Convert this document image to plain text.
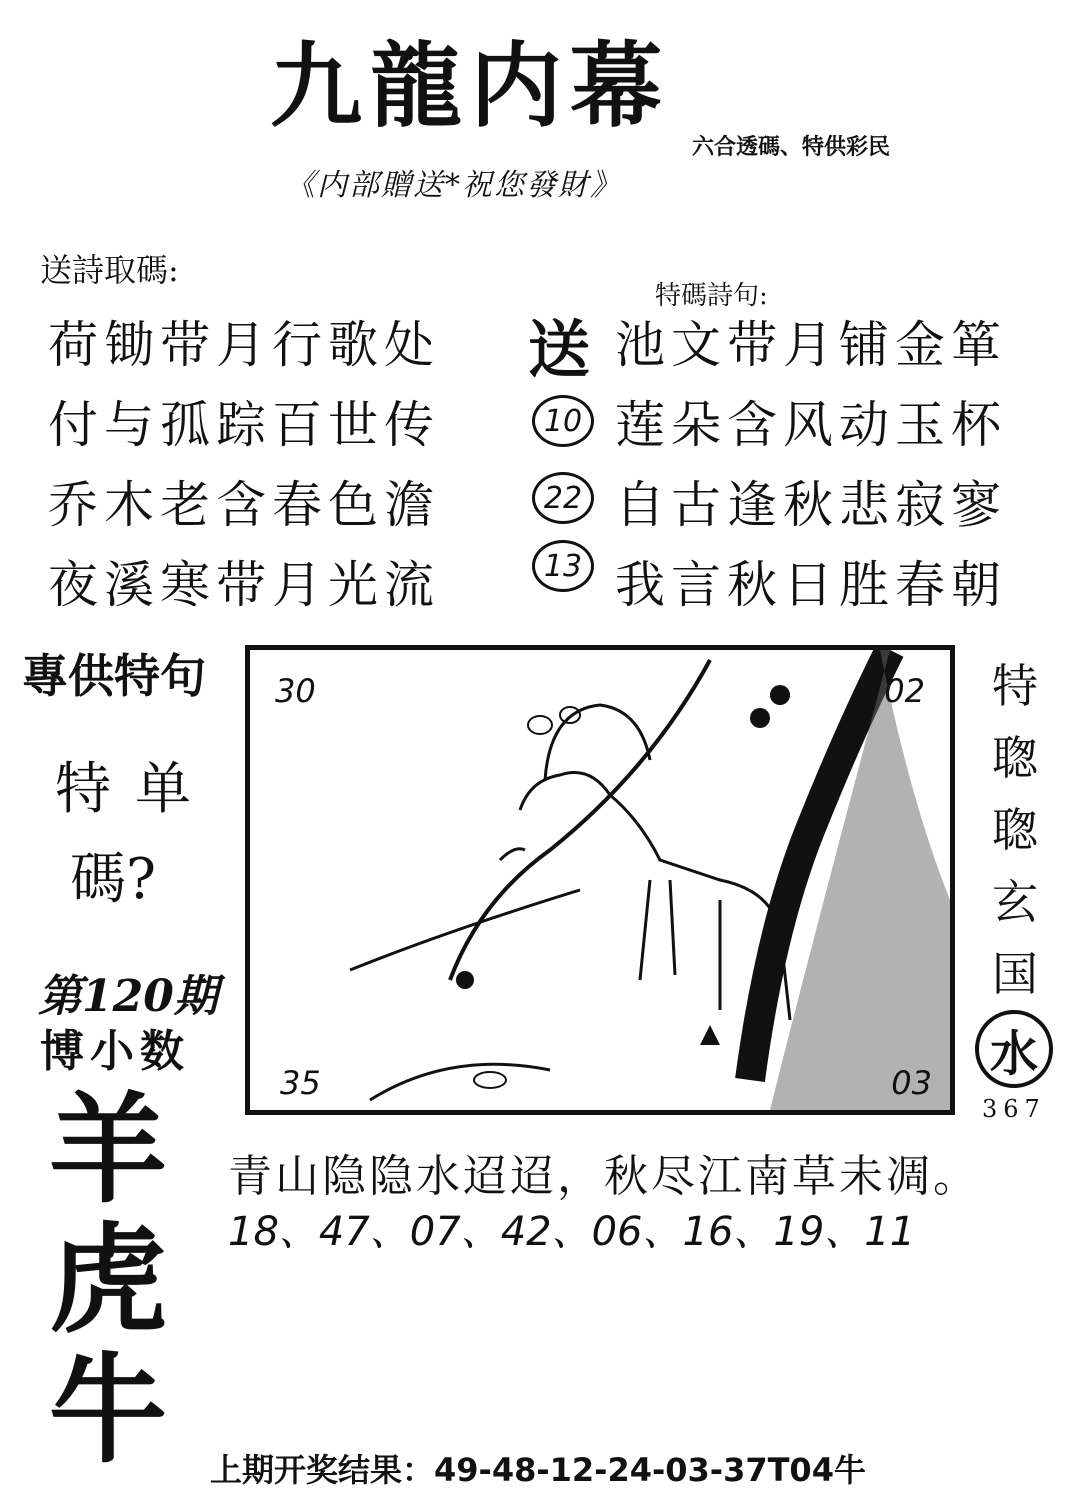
九龍内幕
六合透碼、特供彩民
《内部贈送*祝您發財》
送詩取碼:
荷锄带月行歌处
付与孤踪百世传
乔木老含春色澹
夜溪寒带月光流
特碼詩句:
送
10
22
13
池文带月铺金箪
莲朵含风动玉杯
自古逢秋悲寂寥
我言秋日胜春朝
專供特句
特单
碼?
第120期
博小数
羊
虎
牛
30	02
35	03
特
聦
聦
玄
国
水
367
青山隐隐水迢迢，秋尽江南草未凋。
18、47、07、42、06、16、19、11
上期开奖结果：49-48-12-24-03-37T04牛
